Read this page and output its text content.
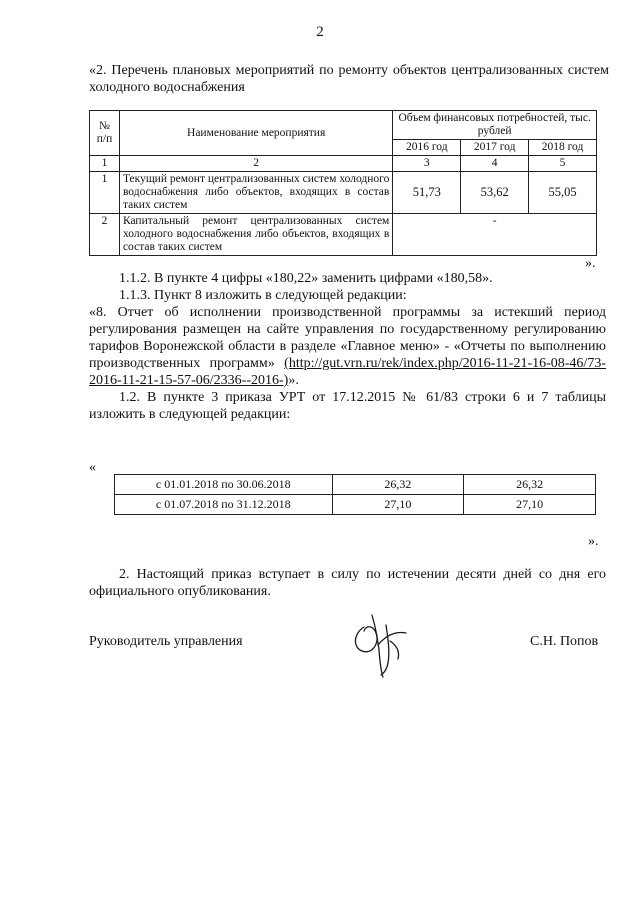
2
«2. Перечень плановых мероприятий по ремонту объектов централизованных систем холодного водоснабжения
№ п/п	Наименование мероприятия	Объем финансовых потребностей, тыс. рублей		
		2016 год	2017 год	2018 год
1	2	3	4	5
1	Текущий ремонт централизованных систем холодного водоснабжения либо объектов, входящих в состав таких систем	51,73	53,62	55,05
2	Капитальный ремонт централизованных систем холодного водоснабжения либо объектов, входящих в состав таких систем	-		
».

1.1.2. В пункте 4 цифры «180,22» заменить цифрами «180,58».

1.1.3. Пункт 8 изложить в следующей редакции:

«8. Отчет об исполнении производственной программы за истекший период регулирования размещен на сайте управления по государственному регулированию тарифов Воронежской области в разделе «Главное меню» - «Отчеты по выполнению производственных программ» (http://gut.vrn.ru/rek/index.php/2016-11-21-16-08-46/73-2016-11-21-15-57-06/2336--2016-)».

1.2. В пункте 3 приказа УРТ от 17.12.2015 № 61/83 строки 6 и 7 таблицы изложить в следующей редакции:

«
с 01.01.2018 по 30.06.2018	26,32	26,32
с 01.07.2018 по 31.12.2018	27,10	27,10
».

2. Настоящий приказ вступает в силу по истечении десяти дней со дня его официального опубликования.

Руководитель управления	С.Н. Попов
